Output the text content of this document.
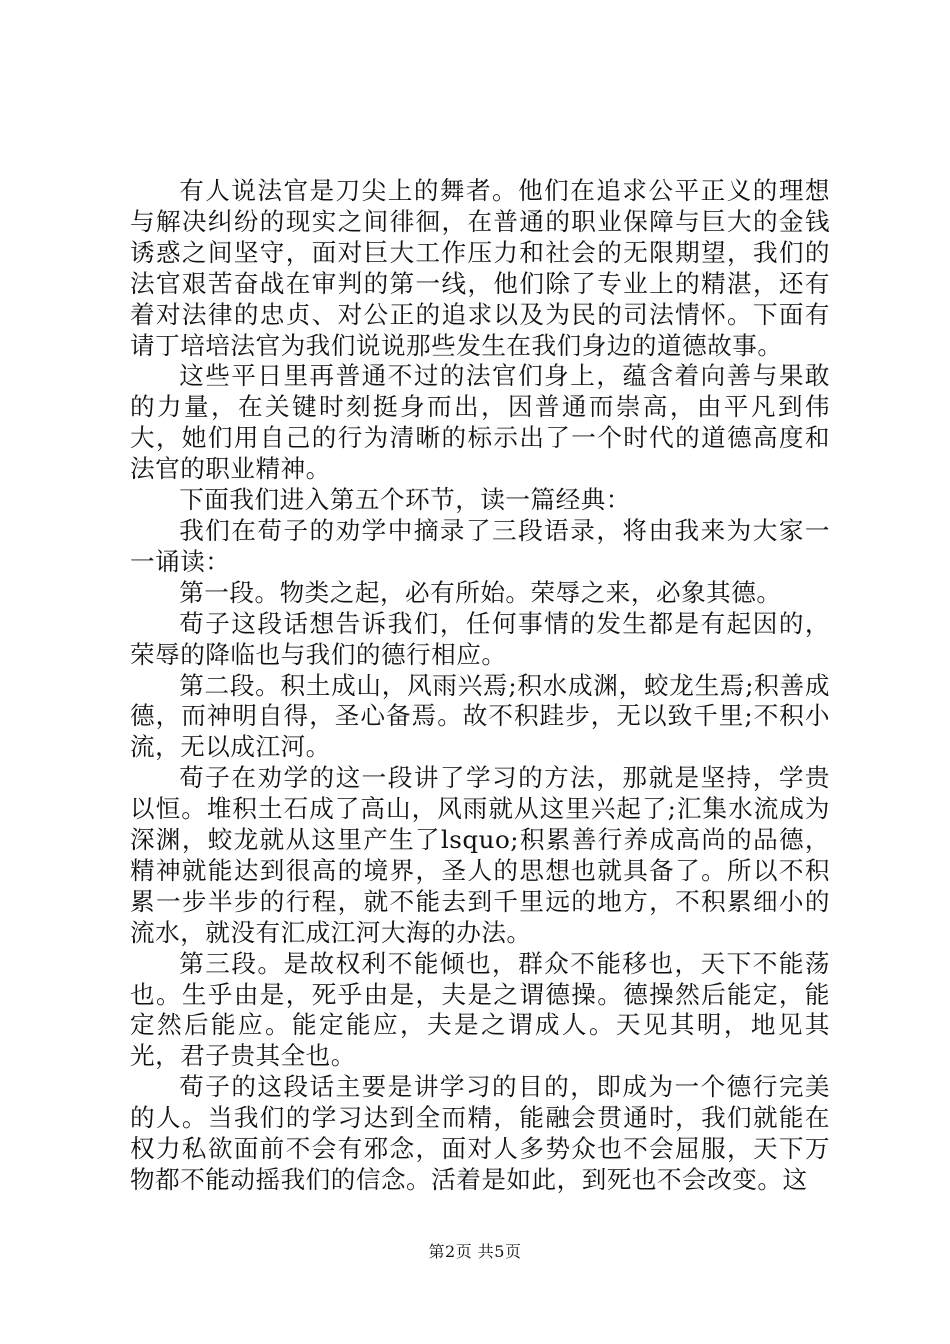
有人说法官是刀尖上的舞者。他们在追求公平正义的理想与解决纠纷的现实之间徘徊，在普通的职业保障与巨大的金钱诱惑之间坚守，面对巨大工作压力和社会的无限期望，我们的法官艰苦奋战在审判的第一线，他们除了专业上的精湛，还有着对法律的忠贞、对公正的追求以及为民的司法情怀。下面有请丁培培法官为我们说说那些发生在我们身边的道德故事。

这些平日里再普通不过的法官们身上，蕴含着向善与果敢的力量，在关键时刻挺身而出，因普通而崇高，由平凡到伟大，她们用自己的行为清晰的标示出了一个时代的道德高度和法官的职业精神。

下面我们进入第五个环节，读一篇经典：

我们在荀子的劝学中摘录了三段语录，将由我来为大家一一诵读：

第一段。物类之起，必有所始。荣辱之来，必象其德。

荀子这段话想告诉我们，任何事情的发生都是有起因的，荣辱的降临也与我们的德行相应。

第二段。积土成山，风雨兴焉;积水成渊，蛟龙生焉;积善成德，而神明自得，圣心备焉。故不积跬步，无以致千里;不积小流，无以成江河。

荀子在劝学的这一段讲了学习的方法，那就是坚持，学贵以恒。堆积土石成了高山，风雨就从这里兴起了;汇集水流成为深渊，蛟龙就从这里产生了lsquo;积累善行养成高尚的品德，精神就能达到很高的境界，圣人的思想也就具备了。所以不积累一步半步的行程，就不能去到千里远的地方，不积累细小的流水，就没有汇成江河大海的办法。

第三段。是故权利不能倾也，群众不能移也，天下不能荡也。生乎由是，死乎由是，夫是之谓德操。德操然后能定，能定然后能应。能定能应，夫是之谓成人。天见其明，地见其光，君子贵其全也。

荀子的这段话主要是讲学习的目的，即成为一个德行完美的人。当我们的学习达到全而精，能融会贯通时，我们就能在权力私欲面前不会有邪念，面对人多势众也不会屈服，天下万物都不能动摇我们的信念。活着是如此，到死也不会改变。这

第2页 共5页
